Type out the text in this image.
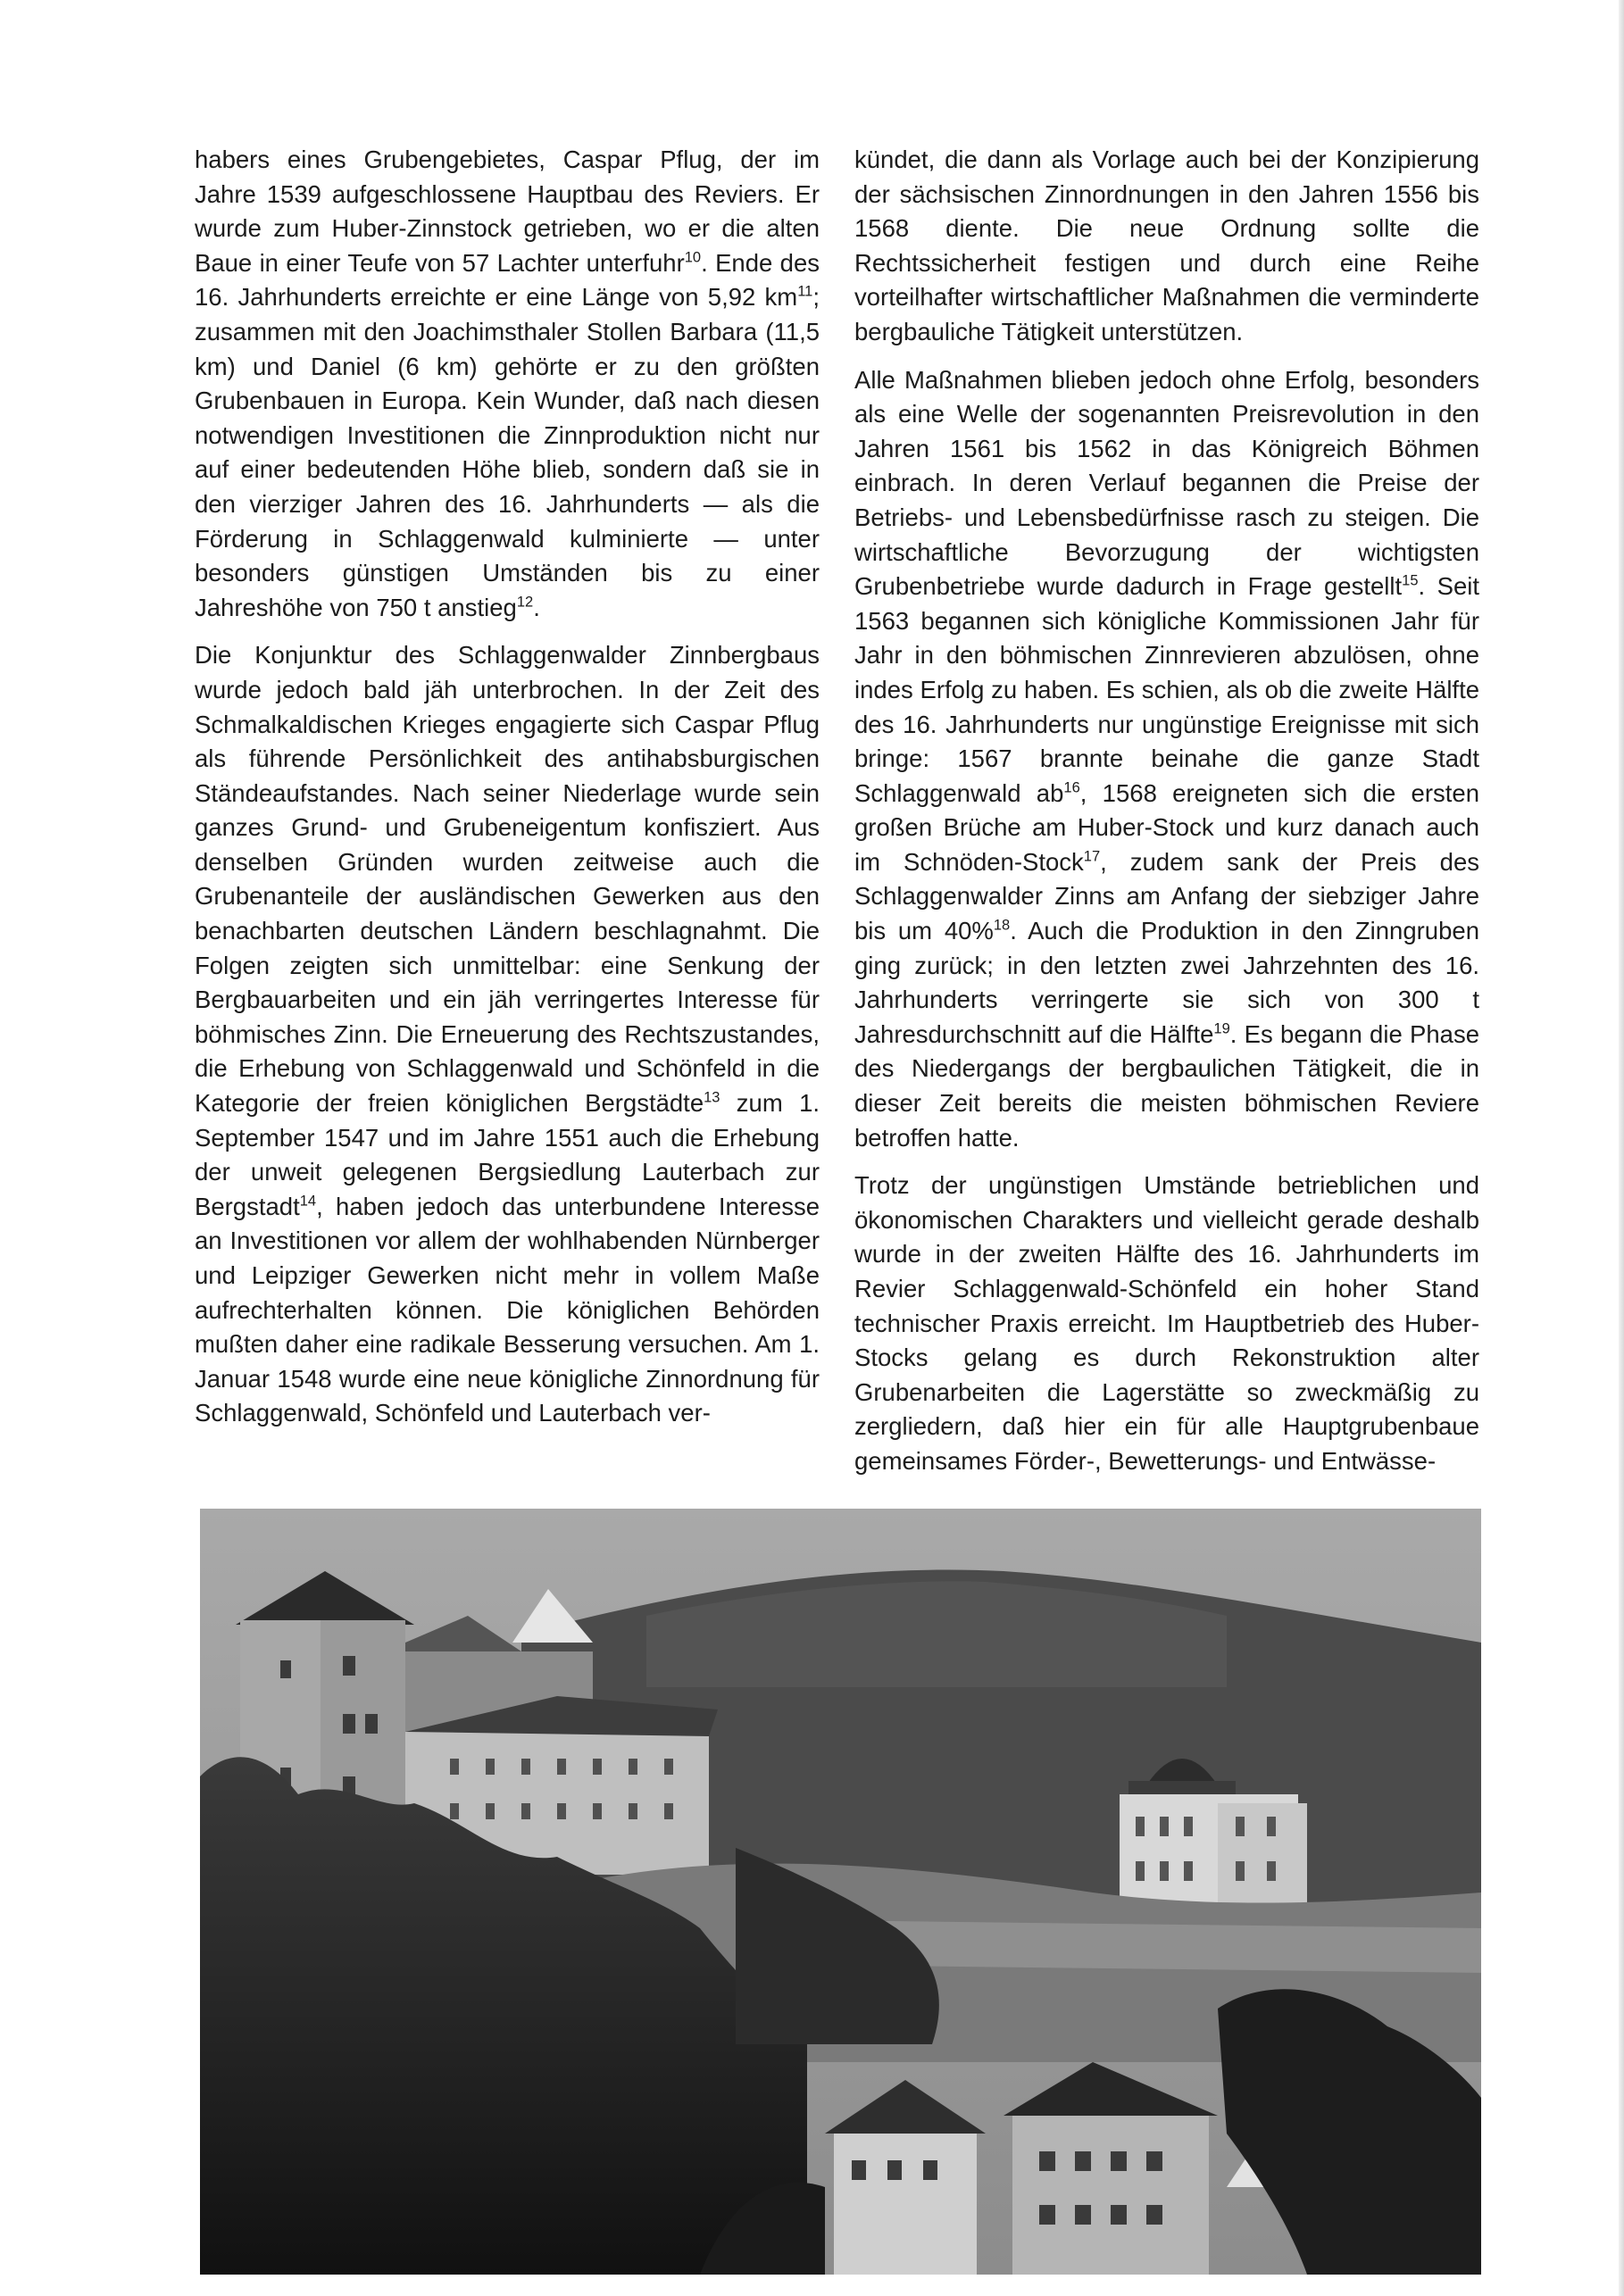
habers eines Grubengebietes, Caspar Pflug, der im Jahre 1539 aufgeschlossene Hauptbau des Reviers. Er wurde zum Huber-Zinnstock getrieben, wo er die alten Baue in einer Teufe von 57 Lachter unterfuhr$^{10}$. Ende des 16. Jahrhunderts erreichte er eine Länge von 5,92 $km^{11}$; zusammen mit den Joachimsthaler Stollen Barbara (11,5 km) und Daniel (6 km) gehörte er zu den größten Grubenbauen in Europa. Kein Wunder, daß nach diesen notwendigen Investitionen die Zinnproduktion nicht nur auf einer bedeutenden Höhe blieb, sondern daß sie in den vierziger Jahren des 16. Jahrhunderts — als die Förderung in Schlaggenwald kulminierte — unter besonders günstigen Umständen bis zu einer Jahreshöhe von 750 t anstieg$^{12}$.

Die Konjunktur des Schlaggenwalder Zinnbergbaus wurde jedoch bald jäh unterbrochen. In der Zeit des Schmalkaldischen Krieges engagierte sich Caspar Pflug als führende Persönlichkeit des antihabsburgischen Ständeaufstandes. Nach seiner Niederlage wurde sein ganzes Grund- und Grubeneigentum konfisziert. Aus denselben Gründen wurden zeitweise auch die Grubenanteile der ausländischen Gewerken aus den benachbarten deutschen Ländern beschlagnahmt. Die Folgen zeigten sich unmittelbar: eine Senkung der Bergbauarbeiten und ein jäh verringertes Interesse für böhmisches Zinn. Die Erneuerung des Rechtszustandes, die Erhebung von Schlaggenwald und Schönfeld in die Kategorie der freien königlichen Bergstädte$^{13}$ zum 1. September 1547 und im Jahre 1551 auch die Erhebung der unweit gelegenen Bergsiedlung Lauterbach zur Bergstadt$^{14}$, haben jedoch das unterbundene Interesse an Investitionen vor allem der wohlhabenden Nürnberger und Leipziger Gewerken nicht mehr in vollem Maße aufrechterhalten können. Die königlichen Behörden mußten daher eine radikale Besserung versuchen. Am 1. Januar 1548 wurde eine neue königliche Zinnordnung für Schlaggenwald, Schönfeld und Lauterbach ver-

kündet, die dann als Vorlage auch bei der Konzipierung der sächsischen Zinnordnungen in den Jahren 1556 bis 1568 diente. Die neue Ordnung sollte die Rechtssicherheit festigen und durch eine Reihe vorteilhafter wirtschaftlicher Maßnahmen die verminderte bergbauliche Tätigkeit unterstützen.

Alle Maßnahmen blieben jedoch ohne Erfolg, besonders als eine Welle der sogenannten Preisrevolution in den Jahren 1561 bis 1562 in das Königreich Böhmen einbrach. In deren Verlauf begannen die Preise der Betriebs- und Lebensbedürfnisse rasch zu steigen. Die wirtschaftliche Bevorzugung der wichtigsten Grubenbetriebe wurde dadurch in Frage gestellt$^{15}$. Seit 1563 begannen sich königliche Kommissionen Jahr für Jahr in den böhmischen Zinnrevieren abzulösen, ohne indes Erfolg zu haben. Es schien, als ob die zweite Hälfte des 16. Jahrhunderts nur ungünstige Ereignisse mit sich bringe: 1567 brannte beinahe die ganze Stadt Schlaggenwald $ab^{16}$, 1568 ereigneten sich die ersten großen Brüche am Huber-Stock und kurz danach auch im Schnöden-Stock$^{17}$, zudem sank der Preis des Schlaggenwalder Zinns am Anfang der siebziger Jahre bis um 40%$^{18}$. Auch die Produktion in den Zinngruben ging zurück; in den letzten zwei Jahrzehnten des 16. Jahrhunderts verringerte sie sich von 300 t Jahresdurchschnitt auf die Hälfte$^{19}$. Es begann die Phase des Niedergangs der bergbaulichen Tätigkeit, die in dieser Zeit bereits die meisten böhmischen Reviere betroffen hatte.

Trotz der ungünstigen Umstände betrieblichen und ökonomischen Charakters und vielleicht gerade deshalb wurde in der zweiten Hälfte des 16. Jahrhunderts im Revier Schlaggenwald-Schönfeld ein hoher Stand technischer Praxis erreicht. Im Hauptbetrieb des Huber-Stocks gelang es durch Rekonstruktion alter Grubenarbeiten die Lagerstätte so zweckmäßig zu zergliedern, daß hier ein für alle Hauptgrubenbaue gemeinsames Förder-, Bewetterungs- und Entwässe-
